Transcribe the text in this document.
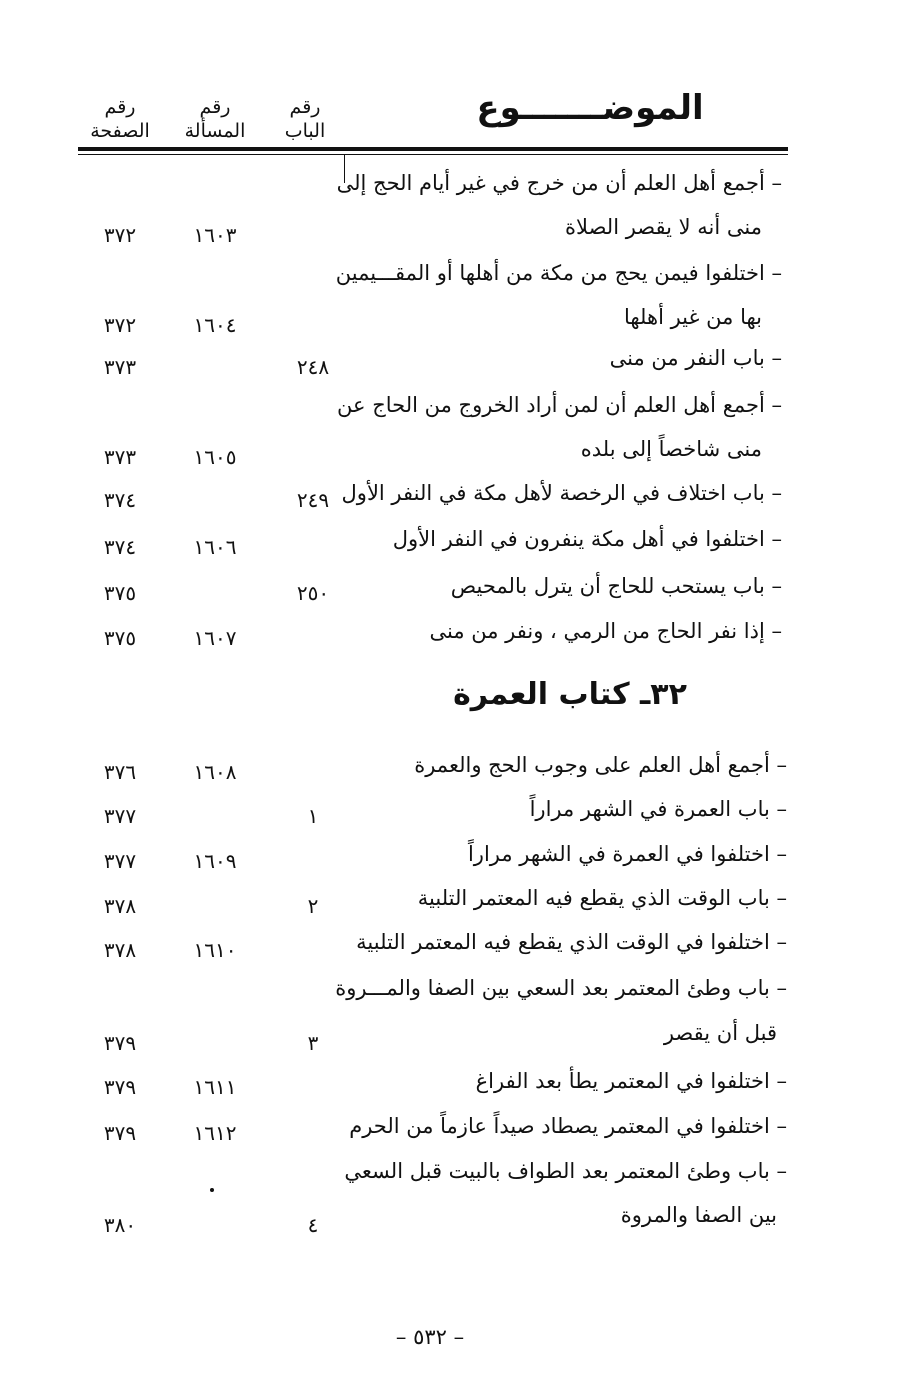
الموضـــــــوع
رقم
الباب
رقم
المسألة
رقم
الصفحة
– أجمع أهل العلم أن من خرج في غير أيام الحج إلى
منى أنه لا يقصر الصلاة
١٦٠٣
٣٧٢
– اختلفوا فيمن يحج من مكة من أهلها أو المقـــيمين
بها من غير أهلها
١٦٠٤
٣٧٢
– باب النفر من منى
٢٤٨
٣٧٣
– أجمع أهل العلم أن لمن أراد الخروج من الحاج عن
منى شاخصاً إلى بلده
١٦٠٥
٣٧٣
– باب اختلاف في الرخصة لأهل مكة في النفر الأول
٢٤٩
٣٧٤
– اختلفوا في أهل مكة ينفرون في النفر الأول
١٦٠٦
٣٧٤
– باب يستحب للحاج أن يترل بالمحيص
٢٥٠
٣٧٥
– إذا نفر الحاج من الرمي ، ونفر من منى
١٦٠٧
٣٧٥
٣٢ـ كتاب العمرة
– أجمع أهل العلم على وجوب الحج والعمرة
١٦٠٨
٣٧٦
– باب العمرة في الشهر مراراً
١
٣٧٧
– اختلفوا في العمرة في الشهر مراراً
١٦٠٩
٣٧٧
– باب الوقت الذي يقطع فيه المعتمر التلبية
٢
٣٧٨
– اختلفوا في الوقت الذي يقطع فيه المعتمر التلبية
١٦١٠
٣٧٨
– باب وطئ المعتمر بعد السعي بين الصفا والمـــروة
قبل أن يقصر
٣
٣٧٩
– اختلفوا في المعتمر يطأ بعد الفراغ
١٦١١
٣٧٩
– اختلفوا في المعتمر يصطاد صيداً عازماً من الحرم
١٦١٢
٣٧٩
– باب وطئ المعتمر بعد الطواف بالبيت قبل السعي
بين الصفا والمروة
٤
٣٨٠
– ٥٣٢ –
